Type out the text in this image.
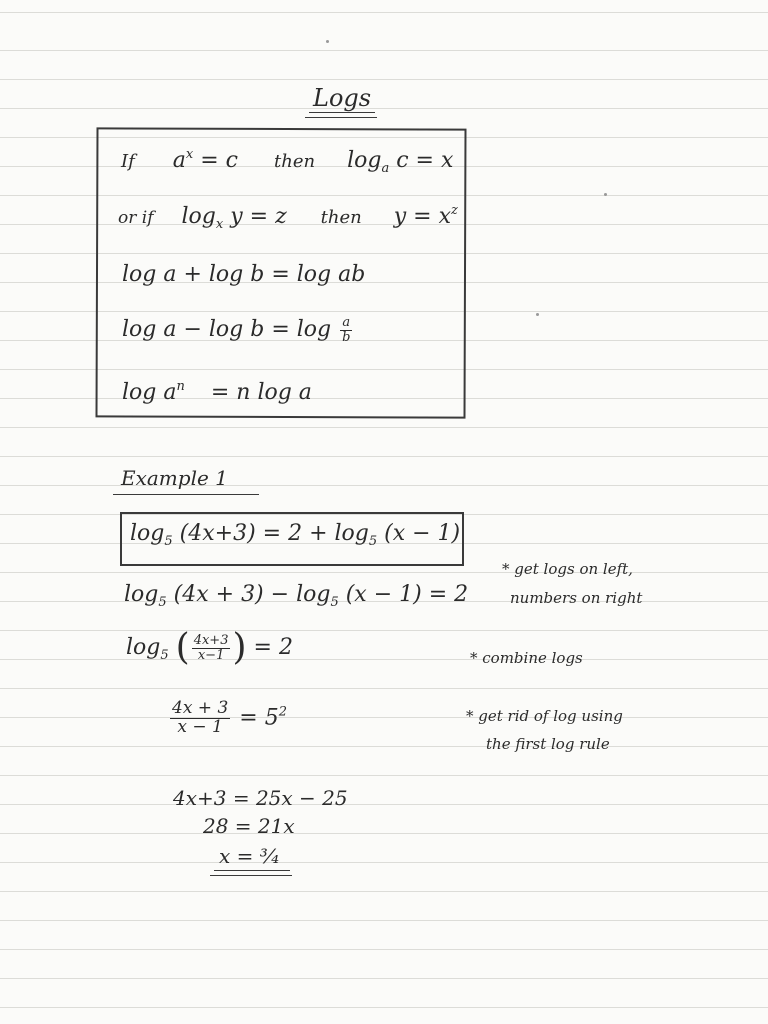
Logs
If $a^x = c$ then $\log_a c = x$
or if $\log_x y = z$ then $y = x^z$
log a + log b = log ab
$\log a - \log b = \log \frac{a}{b}$
$\log a^n = n$ log a
Example 1
$\log_5 (4x+3) = 2 + \log_5 (x - 1)$
$\log_5 (4x + 3) - \log_5 (x - 1) = 2$
$\log_5$ ( $\frac{4x+3}{x-1}$ ) = 2
$\frac{4x + 3}{x - 1} = 5^2$
4x+3 = 25x − 25
28 = 21x
x = ³⁄₄
* get logs on left,
numbers on right
* combine logs
* get rid of log using
the first log rule
